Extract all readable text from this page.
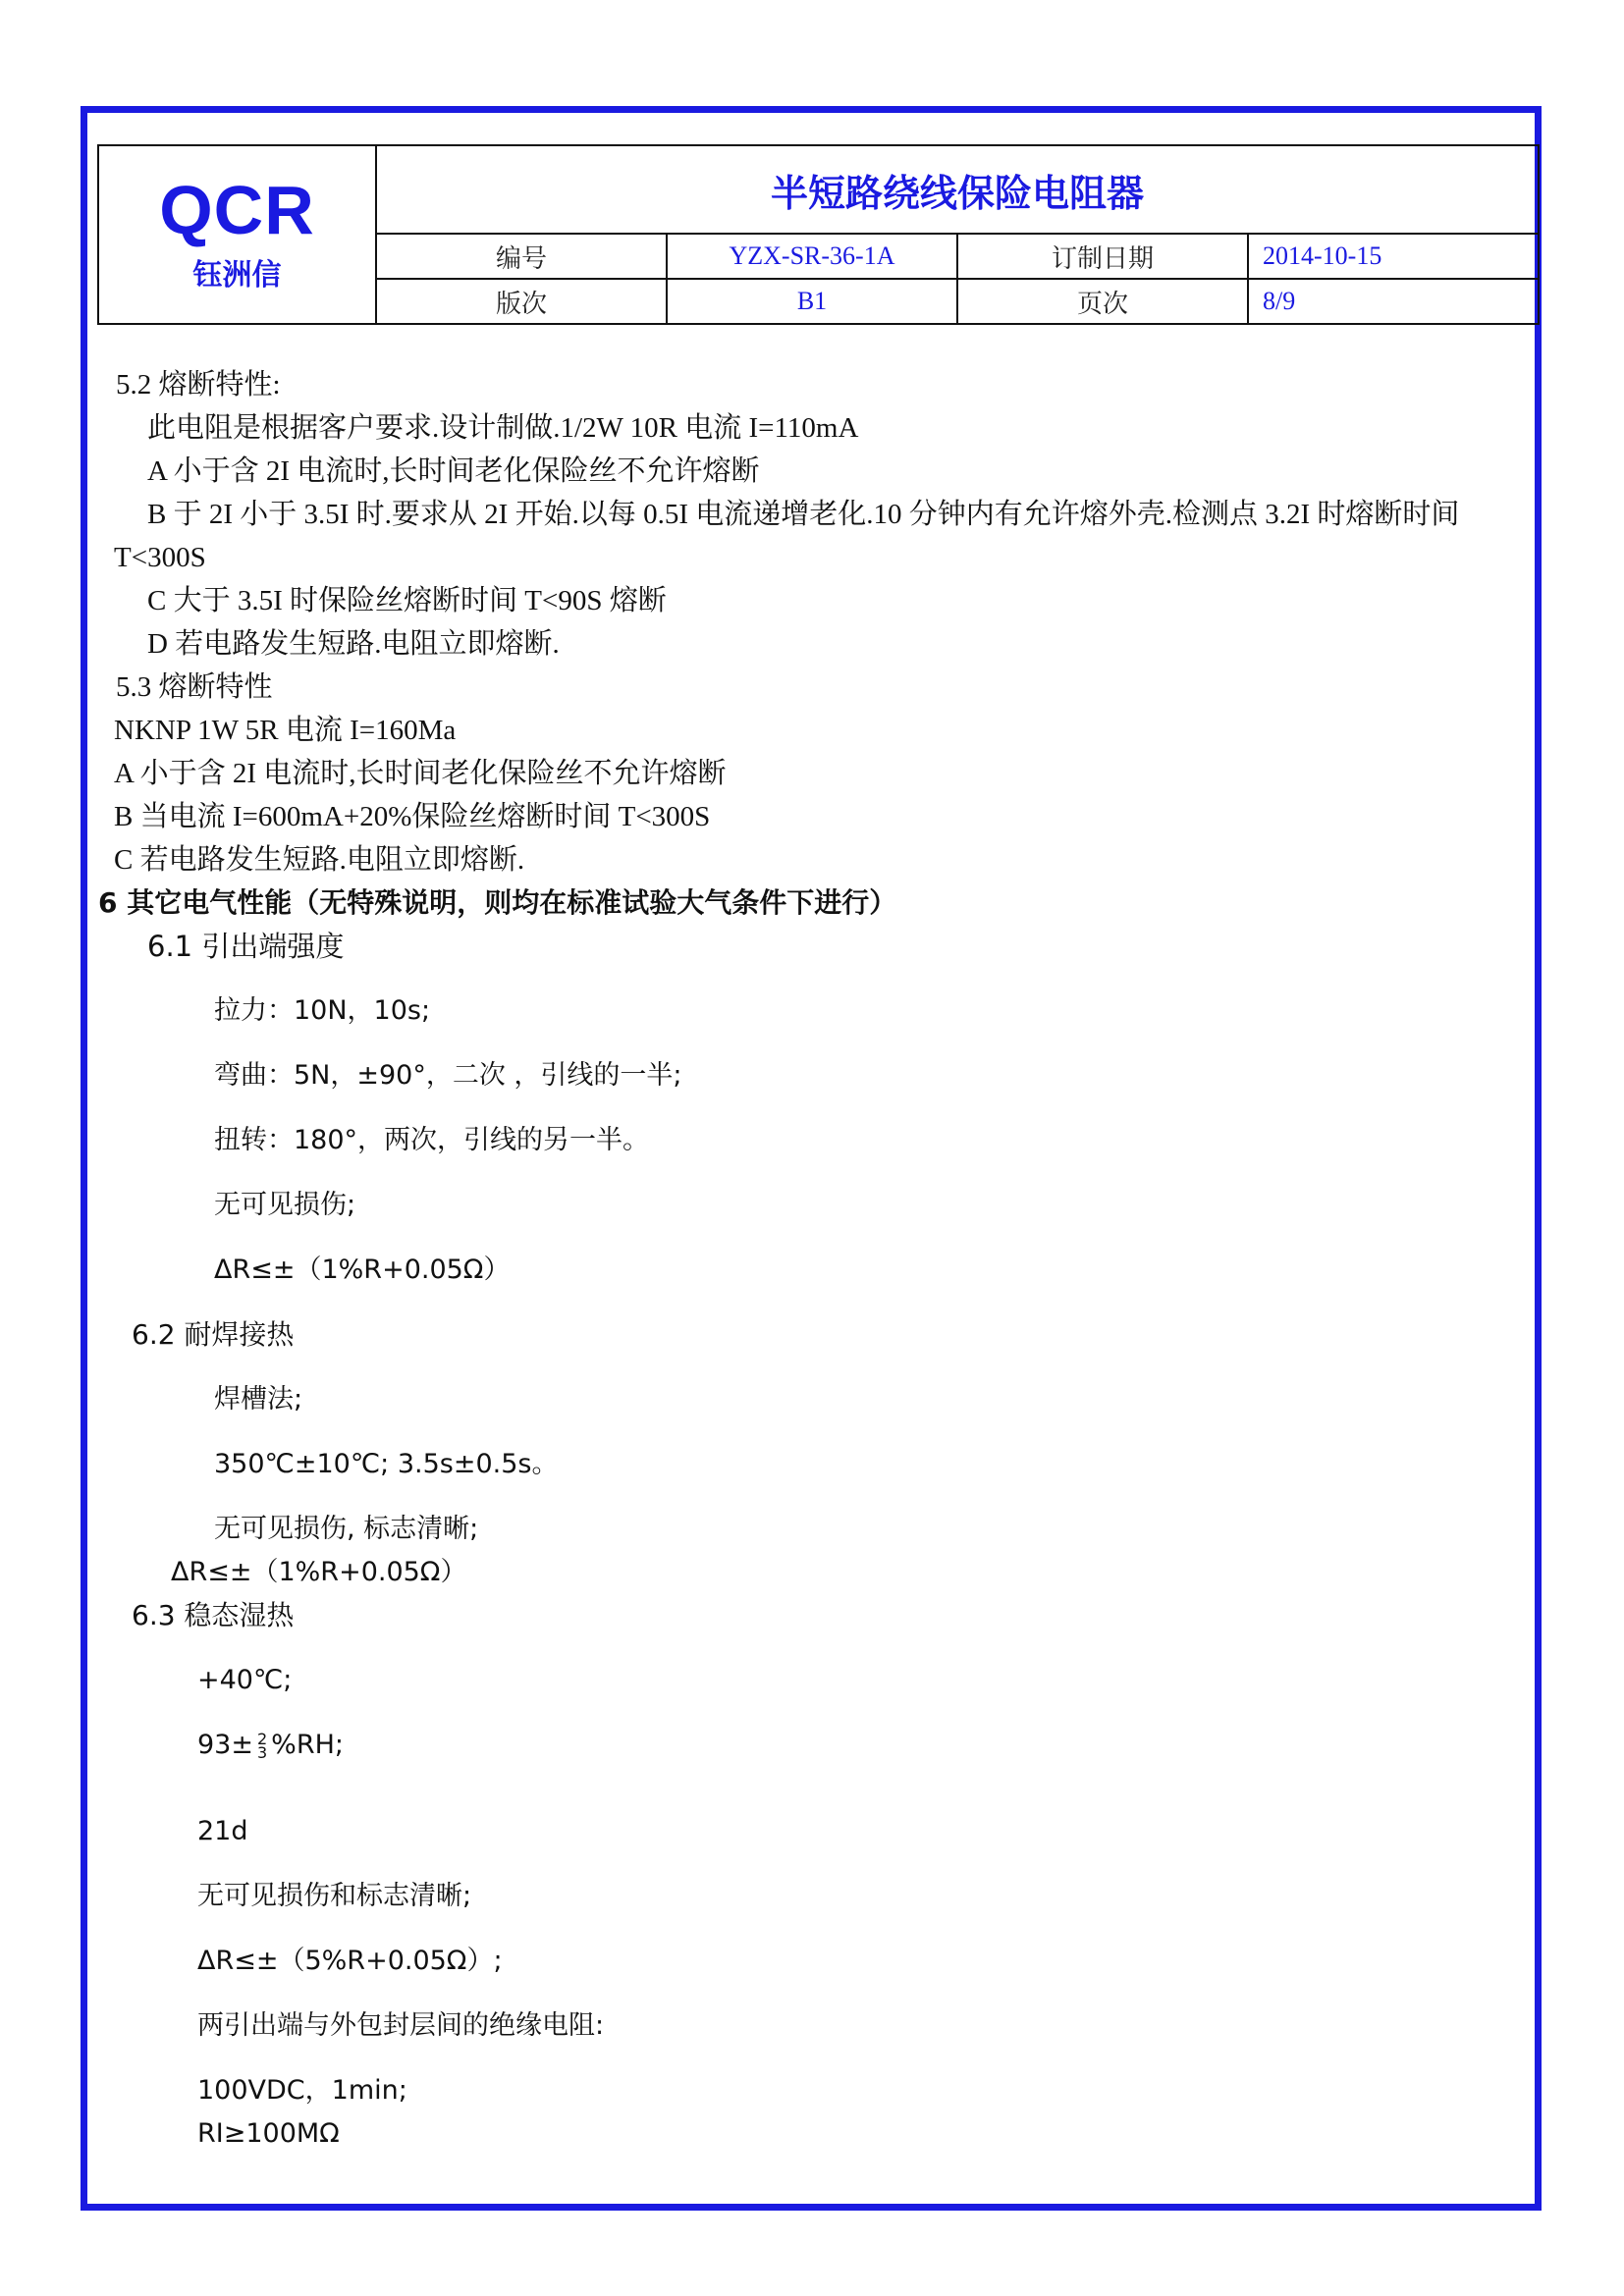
QCR
钰洲信	半短路绕线保险电阻器			
	编号	YZX-SR-36-1A	订制日期	2014-10-15
	版次	B1	页次	8/9

5.2 熔断特性:

此电阻是根据客户要求.设计制做.1/2W 10R 电流 I=110mA

A 小于含 2I 电流时,长时间老化保险丝不允许熔断

B 于 2I 小于 3.5I 时.要求从 2I 开始.以每 0.5I 电流递增老化.10 分钟内有允许熔外壳.检测点 3.2I 时熔断时间 T<300S

C 大于 3.5I 时保险丝熔断时间 T<90S 熔断

D 若电路发生短路.电阻立即熔断.

5.3 熔断特性

NKNP 1W 5R 电流 I=160Ma

A 小于含 2I 电流时,长时间老化保险丝不允许熔断

B 当电流 I=600mA+20%保险丝熔断时间 T<300S

C 若电路发生短路.电阻立即熔断.

6 其它电气性能（无特殊说明，则均在标准试验大气条件下进行）

6.1 引出端强度

拉力：10N，10s;

弯曲：5N，±90°，二次 ，引线的一半;

扭转：180°，两次，引线的另一半。

无可见损伤;

ΔR≤±（1%R+0.05Ω）

6.2 耐焊接热

焊槽法;

350℃±10℃; 3.5s±0.5s。

无可见损伤, 标志清晰;

ΔR≤±（1%R+0.05Ω）

6.3 稳态湿热

+40℃;

93± 2
3 %RH;

21d

无可见损伤和标志清晰;

ΔR≤±（5%R+0.05Ω）;

两引出端与外包封层间的绝缘电阻:

100VDC，1min;

RI≥100MΩ
